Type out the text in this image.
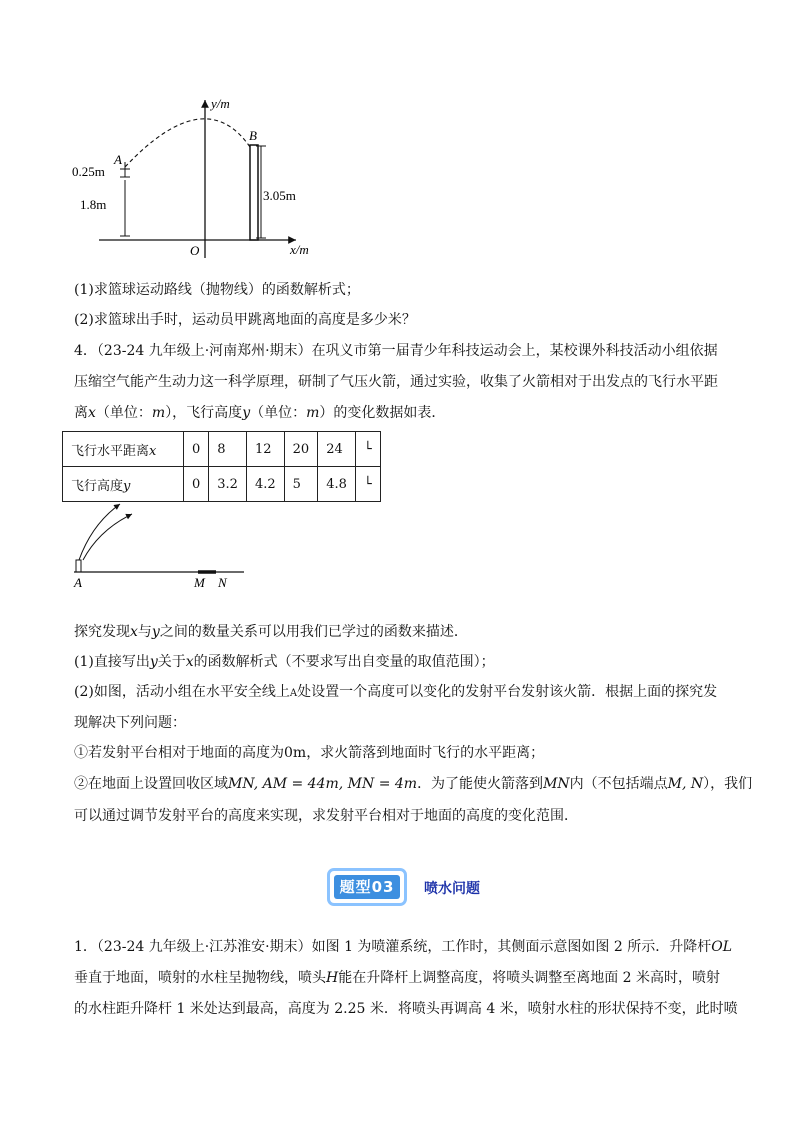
y/m
x/m
O
B
3.05m
A
0.25m
1.8m
(1)求篮球运动路线（抛物线）的函数解析式；
(2)求篮球出手时，运动员甲跳离地面的高度是多少米？
4．（23-24 九年级上·河南郑州·期末）在巩义市第一届青少年科技运动会上，某校课外科技活动小组依据
压缩空气能产生动力这一科学原理，研制了气压火箭，通过实验，收集了火箭相对于出发点的飞行水平距
离x（单位：m），飞行高度y（单位：m）的变化数据如表．
飞行水平距离x	0	8	12	20	24	└
飞行高度y	0	3.2	4.2	5	4.8	└
A	M N
探究发现x与y之间的数量关系可以用我们已学过的函数来描述．
(1)直接写出y关于x的函数解析式（不要求写出自变量的取值范围）；
(2)如图，活动小组在水平安全线上A处设置一个高度可以变化的发射平台发射该火箭．根据上面的探究发
现解决下列问题：
①若发射平台相对于地面的高度为0m，求火箭落到地面时飞行的水平距离；
②在地面上设置回收区域MN, AM = 44m, MN = 4m．为了能使火箭落到MN内（不包括端点M, N），我们
可以通过调节发射平台的高度来实现，求发射平台相对于地面的高度的变化范围．
题型03	喷水问题
1．（23-24 九年级上·江苏淮安·期末）如图 1 为喷灌系统，工作时，其侧面示意图如图 2 所示．升降杆OL
垂直于地面，喷射的水柱呈抛物线，喷头H能在升降杆上调整高度，将喷头调整至离地面 2 米高时，喷射
的水柱距升降杆 1 米处达到最高，高度为 2.25 米．将喷头再调高 4 米，喷射水柱的形状保持不变，此时喷
